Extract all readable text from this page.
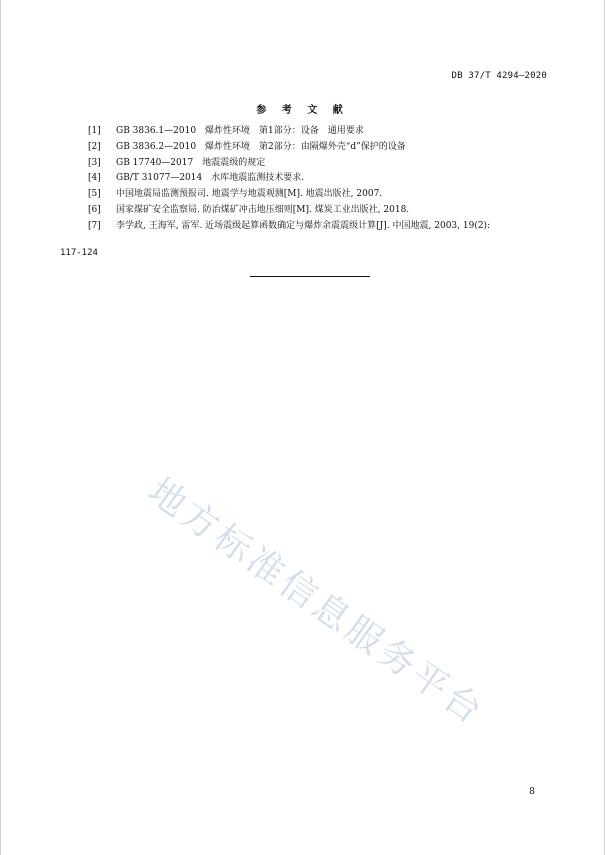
DB 37/T 4294—2020
参 考 文 献
[1]	GB 3836.1—2010　爆炸性环境　第1部分：设备　通用要求
[2]	GB 3836.2—2010　爆炸性环境　第2部分：由隔爆外壳“d”保护的设备
[3]	GB 17740—2017　地震震级的规定
[4]	GB/T 31077—2014　水库地震监测技术要求.
[5]	中国地震局监测预报司. 地震学与地震观测[M]. 地震出版社, 2007.
[6]	国家煤矿安全监察局. 防治煤矿冲击地压细则[M]. 煤炭工业出版社, 2018.
[7]	李学政, 王海军, 雷军. 近场震级起算函数确定与爆炸余震震级计算[J]. 中国地震, 2003, 19(2):
117-124
地方标准信息服务平台
8
